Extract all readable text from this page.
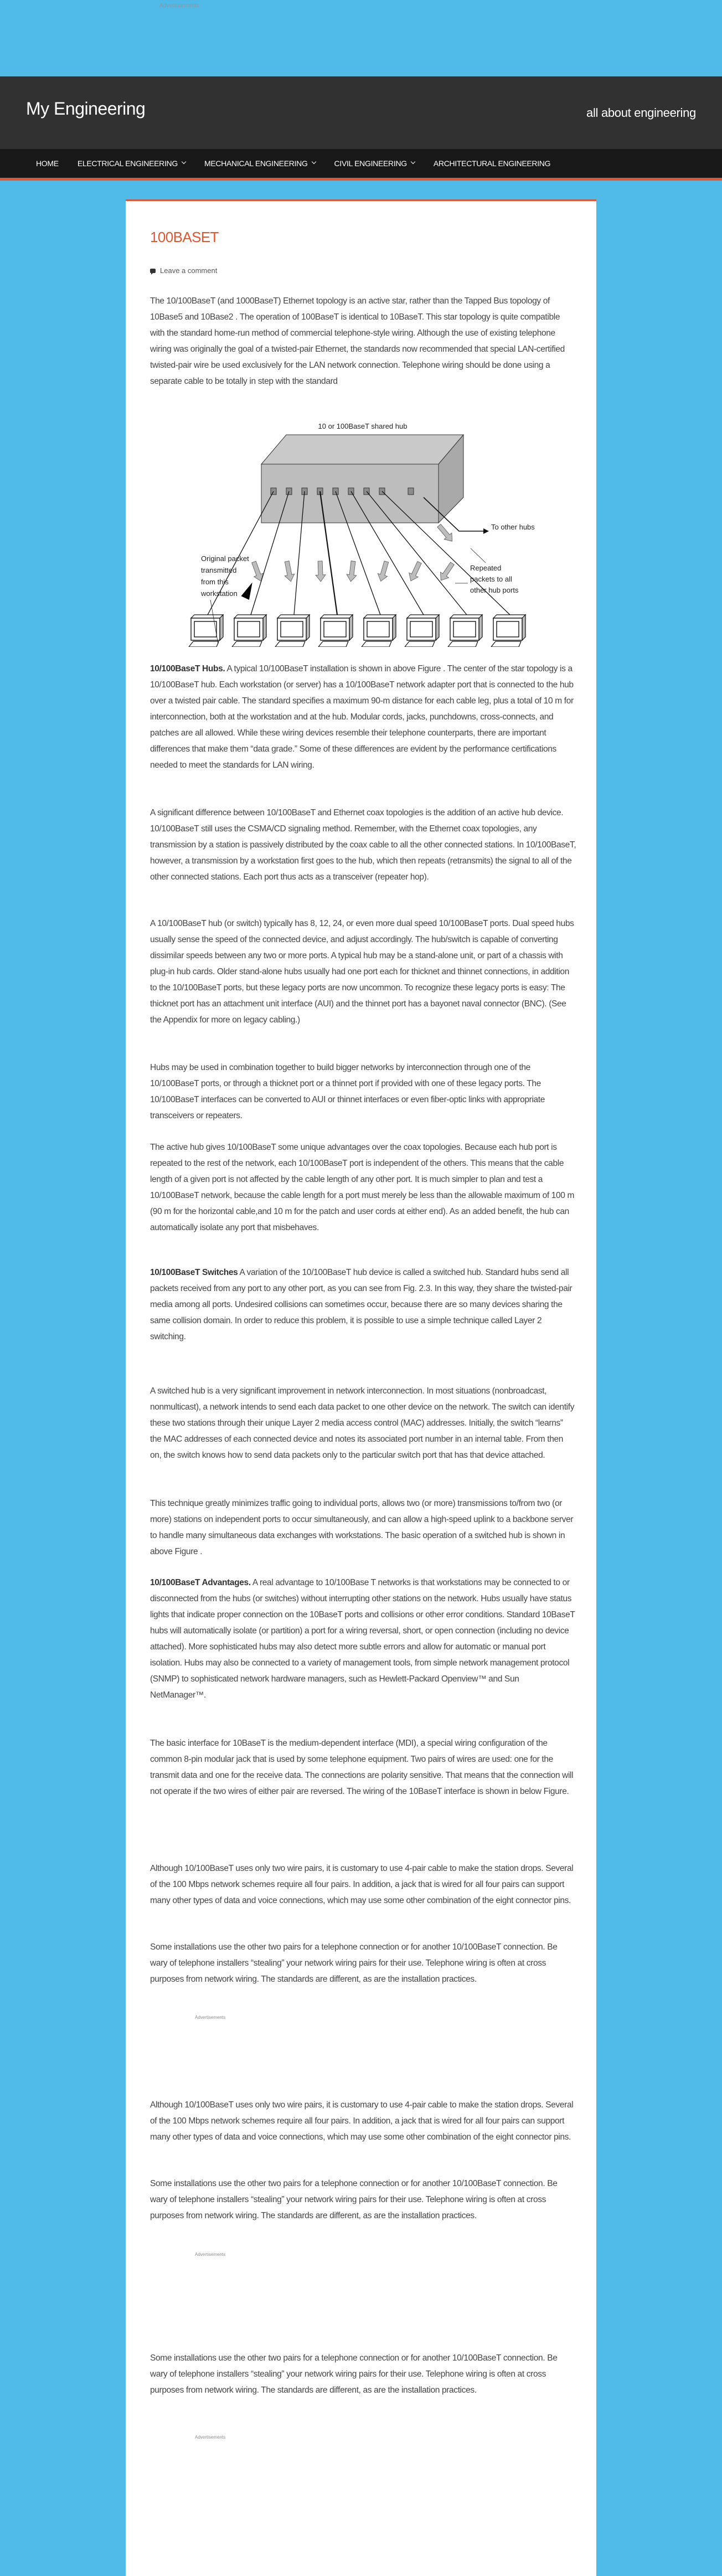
Advertisements
My Engineering	all about engineering
HOME ELECTRICAL ENGINEERING	MECHANICAL ENGINEERING	CIVIL ENGINEERING	ARCHITECTURAL ENGINEERING
100BASET
Leave a comment

The 10/100BaseT (and 1000BaseT) Ethernet topology is an active star, rather than the Tapped Bus topology of 10Base5 and 10Base2 . The operation of 100BaseT is identical to 10BaseT. This star topology is quite compatible with the standard home-run method of commercial telephone-style wiring. Although the use of existing telephone wiring was originally the goal of a twisted-pair Ethernet, the standards now recommended that special LAN-certified twisted-pair wire be used exclusively for the LAN network connection. Telephone wiring should be done using a separate cable to be totally in step with the standard

10 or 100BaseT shared hub
To other hubs
Repeated packets to all other hub ports
Original packet transmitted from this workstation

10/100BaseT Hubs. A typical 10/100BaseT installation is shown in above Figure . The center of the star topology is a 10/100BaseT hub. Each workstation (or server) has a 10/100BaseT network adapter port that is connected to the hub over a twisted pair cable. The standard specifies a maximum 90-m distance for each cable leg, plus a total of 10 m for interconnection, both at the workstation and at the hub. Modular cords, jacks, punchdowns, cross-connects, and patches are all allowed. While these wiring devices resemble their telephone counterparts, there are important differences that make them “data grade.” Some of these differences are evident by the performance certifications needed to meet the standards for LAN wiring.

A significant difference between 10/100BaseT and Ethernet coax topologies is the addition of an active hub device. 10/100BaseT still uses the CSMA/CD signaling method. Remember, with the Ethernet coax topologies, any transmission by a station is passively distributed by the coax cable to all the other connected stations. In 10/100BaseT, however, a transmission by a workstation first goes to the hub, which then repeats (retransmits) the signal to all of the other connected stations. Each port thus acts as a transceiver (repeater hop).

A 10/100BaseT hub (or switch) typically has 8, 12, 24, or even more dual speed 10/100BaseT ports. Dual speed hubs usually sense the speed of the connected device, and adjust accordingly. The hub/switch is capable of converting dissimilar speeds between any two or more ports. A typical hub may be a stand-alone unit, or part of a chassis with plug-in hub cards. Older stand-alone hubs usually had one port each for thicknet and thinnet connections, in addition to the 10/100BaseT ports, but these legacy ports are now uncommon. To recognize these legacy ports is easy: The thicknet port has an attachment unit interface (AUI) and the thinnet port has a bayonet naval connector (BNC). (See the Appendix for more on legacy cabling.)

Hubs may be used in combination together to build bigger networks by interconnection through one of the 10/100BaseT ports, or through a thicknet port or a thinnet port if provided with one of these legacy ports. The 10/100BaseT interfaces can be converted to AUI or thinnet interfaces or even fiber-optic links with appropriate transceivers or repeaters.

The active hub gives 10/100BaseT some unique advantages over the coax topologies. Because each hub port is repeated to the rest of the network, each 10/100BaseT port is independent of the others. This means that the cable length of a given port is not affected by the cable length of any other port. It is much simpler to plan and test a 10/100BaseT network, because the cable length for a port must merely be less than the allowable maximum of 100 m (90 m for the horizontal cable,and 10 m for the patch and user cords at either end). As an added benefit, the hub can automatically isolate any port that misbehaves.

10/100BaseT Switches A variation of the 10/100BaseT hub device is called a switched hub. Standard hubs send all packets received from any port to any other port, as you can see from Fig. 2.3. In this way, they share the twisted-pair media among all ports. Undesired collisions can sometimes occur, because there are so many devices sharing the same collision domain. In order to reduce this problem, it is possible to use a simple technique called Layer 2 switching.

A switched hub is a very significant improvement in network interconnection. In most situations (nonbroadcast, nonmulticast), a network intends to send each data packet to one other device on the network. The switch can identify these two stations through their unique Layer 2 media access control (MAC) addresses. Initially, the switch “learns” the MAC addresses of each connected device and notes its associated port number in an internal table. From then on, the switch knows how to send data packets only to the particular switch port that has that device attached.

This technique greatly minimizes traffic going to individual ports, allows two (or more) transmissions to/from two (or more) stations on independent ports to occur simultaneously, and can allow a high-speed uplink to a backbone server to handle many simultaneous data exchanges with workstations. The basic operation of a switched hub is shown in above Figure .

10/100BaseT Advantages. A real advantage to 10/100Base T networks is that workstations may be connected to or disconnected from the hubs (or switches) without interrupting other stations on the network. Hubs usually have status lights that indicate proper connection on the 10BaseT ports and collisions or other error conditions. Standard 10BaseT hubs will automatically isolate (or partition) a port for a wiring reversal, short, or open connection (including no device attached). More sophisticated hubs may also detect more subtle errors and allow for automatic or manual port isolation. Hubs may also be connected to a variety of management tools, from simple network management protocol (SNMP) to sophisticated network hardware managers, such as Hewlett-Packard Openview™ and Sun NetManager™.

The basic interface for 10BaseT is the medium-dependent interface (MDI), a special wiring configuration of the common 8-pin modular jack that is used by some telephone equipment. Two pairs of wires are used: one for the transmit data and one for the receive data. The connections are polarity sensitive. That means that the connection will not operate if the two wires of either pair are reversed. The wiring of the 10BaseT interface is shown in below Figure.

Although 10/100BaseT uses only two wire pairs, it is customary to use 4-pair cable to make the station drops. Several of the 100 Mbps network schemes require all four pairs. In addition, a jack that is wired for all four pairs can support many other types of data and voice connections, which may use some other combination of the eight connector pins.

Some installations use the other two pairs for a telephone connection or for another 10/100BaseT connection. Be wary of telephone installers “stealing” your network wiring pairs for their use. Telephone wiring is often at cross purposes from network wiring. The standards are different, as are the installation practices.

Advertisements

Although 10/100BaseT uses only two wire pairs, it is customary to use 4-pair cable to make the station drops. Several of the 100 Mbps network schemes require all four pairs. In addition, a jack that is wired for all four pairs can support many other types of data and voice connections, which may use some other combination of the eight connector pins.

Some installations use the other two pairs for a telephone connection or for another 10/100BaseT connection. Be wary of telephone installers “stealing” your network wiring pairs for their use. Telephone wiring is often at cross purposes from network wiring. The standards are different, as are the installation practices.

Advertisements

Some installations use the other two pairs for a telephone connection or for another 10/100BaseT connection. Be wary of telephone installers “stealing” your network wiring pairs for their use. Telephone wiring is often at cross purposes from network wiring. The standards are different, as are the installation practices.

Advertisements
